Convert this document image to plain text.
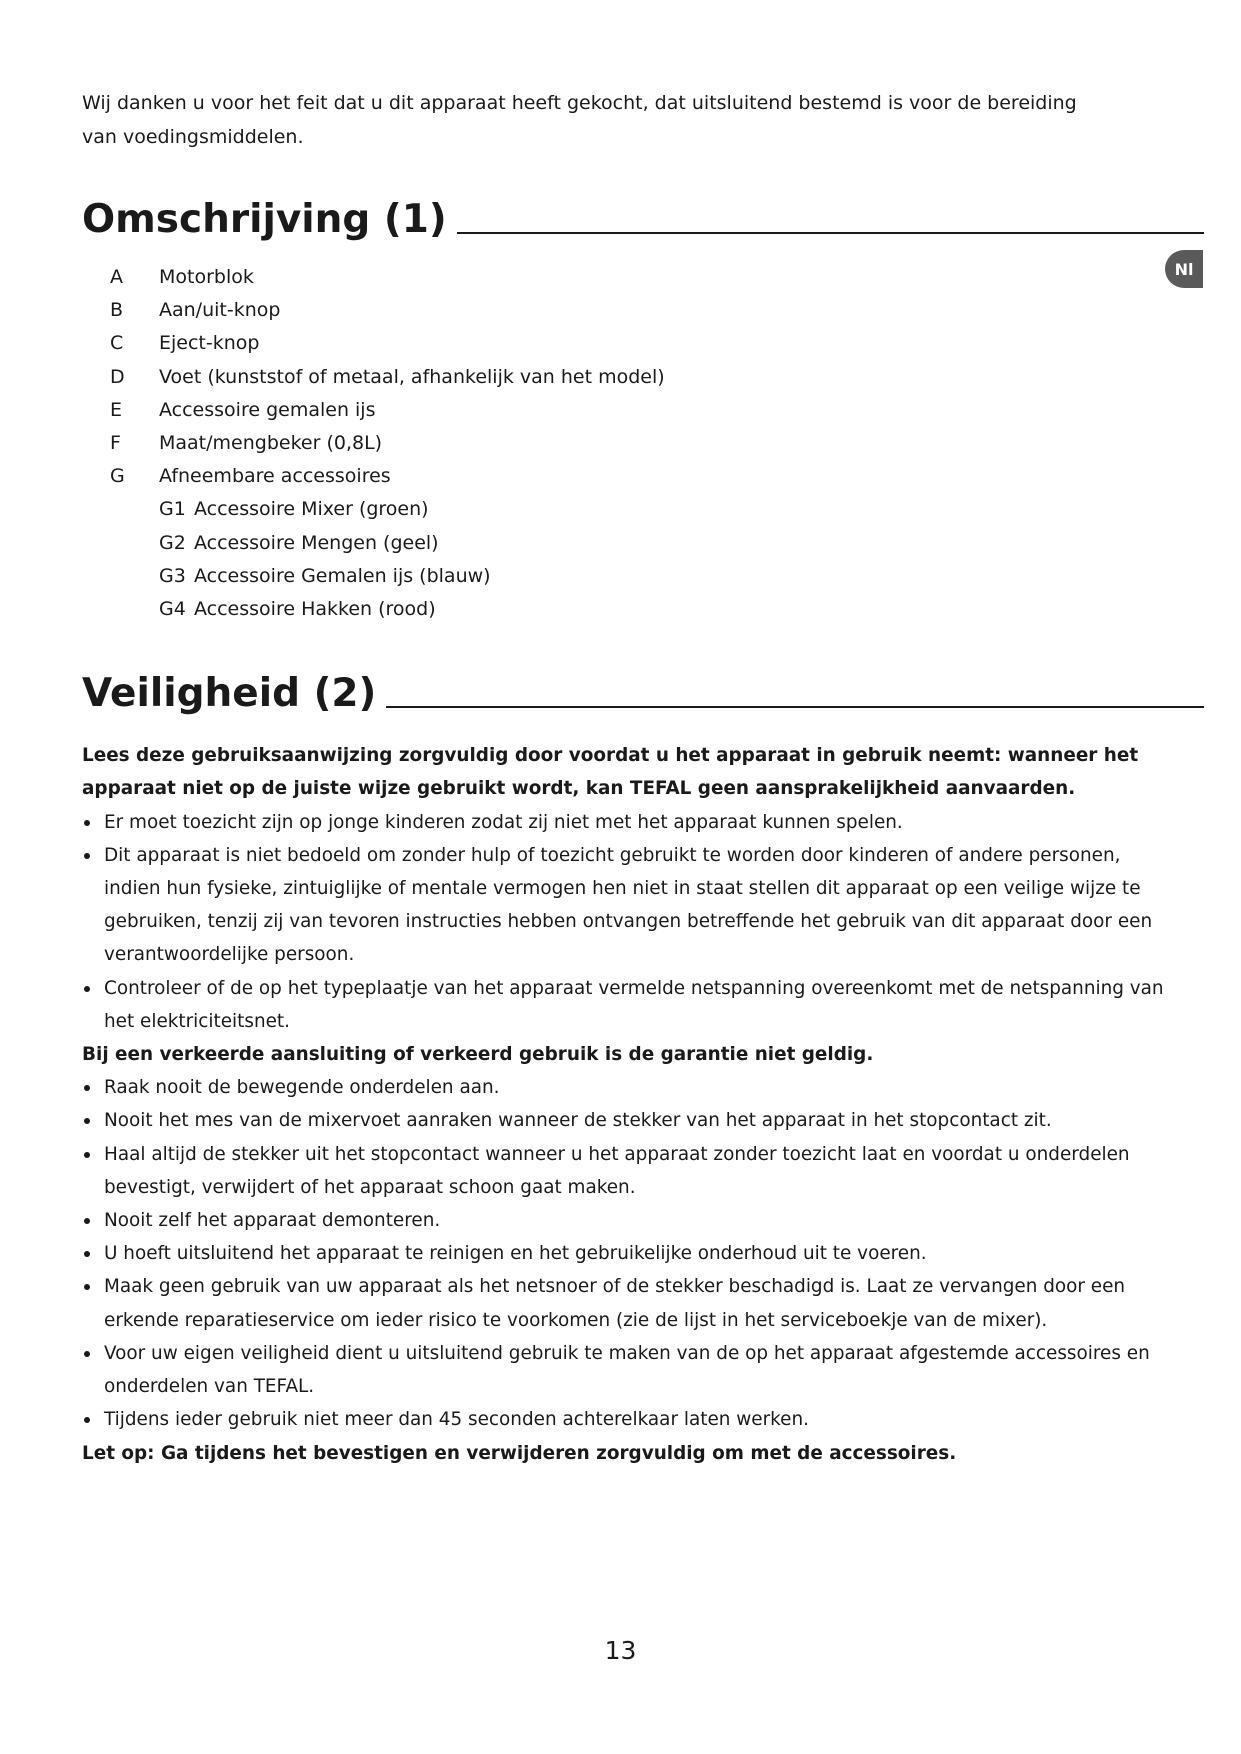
Wij danken u voor het feit dat u dit apparaat heeft gekocht, dat uitsluitend bestemd is voor de bereiding van voedingsmiddelen.

Omschrijving (1)
A	Motorblok
B	Aan/uit-knop
C	Eject-knop
D	Voet (kunststof of metaal, afhankelijk van het model)
E	Accessoire gemalen ijs
F	Maat/mengbeker (0,8L)
G	Afneembare accessoires
G1 Accessoire Mixer (groen)
G2 Accessoire Mengen (geel)
G3 Accessoire Gemalen ijs (blauw)
G4 Accessoire Hakken (rood)
Veiligheid (2)

Lees deze gebruiksaanwijzing zorgvuldig door voordat u het apparaat in gebruik neemt: wanneer het apparaat niet op de juiste wijze gebruikt wordt, kan TEFAL geen aansprakelijkheid aanvaarden.

Er moet toezicht zijn op jonge kinderen zodat zij niet met het apparaat kunnen spelen.
Dit apparaat is niet bedoeld om zonder hulp of toezicht gebruikt te worden door kinderen of andere personen, indien hun fysieke, zintuiglijke of mentale vermogen hen niet in staat stellen dit apparaat op een veilige wijze te gebruiken, tenzij zij van tevoren instructies hebben ontvangen betreffende het gebruik van dit apparaat door een verantwoordelijke persoon.
Controleer of de op het typeplaatje van het apparaat vermelde netspanning overeenkomt met de netspanning van het elektriciteitsnet.

Bij een verkeerde aansluiting of verkeerd gebruik is de garantie niet geldig.

Raak nooit de bewegende onderdelen aan.
Nooit het mes van de mixervoet aanraken wanneer de stekker van het apparaat in het stopcontact zit.
Haal altijd de stekker uit het stopcontact wanneer u het apparaat zonder toezicht laat en voordat u onderdelen bevestigt, verwijdert of het apparaat schoon gaat maken.
Nooit zelf het apparaat demonteren.
U hoeft uitsluitend het apparaat te reinigen en het gebruikelijke onderhoud uit te voeren.
Maak geen gebruik van uw apparaat als het netsnoer of de stekker beschadigd is. Laat ze vervangen door een erkende reparatieservice om ieder risico te voorkomen (zie de lijst in het serviceboekje van de mixer).
Voor uw eigen veiligheid dient u uitsluitend gebruik te maken van de op het apparaat afgestemde accessoires en onderdelen van TEFAL.
Tijdens ieder gebruik niet meer dan 45 seconden achterelkaar laten werken.

Let op: Ga tijdens het bevestigen en verwijderen zorgvuldig om met de accessoires.

Nl
13
